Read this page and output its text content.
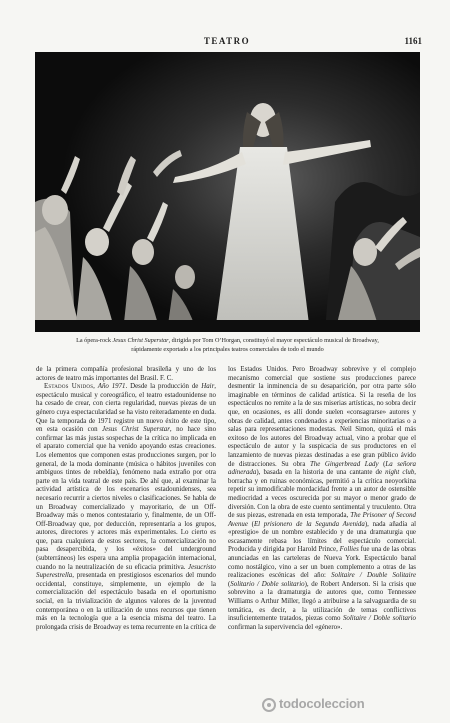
TEATRO	1161
La ópera-rock Jesus Christ Superstar, dirigida por Tom O’Horgan, constituyó el mayor espectáculo musical de Broadway,
rápidamente exportado a los principales teatros comerciales de todo el mundo

de la primera compañía profesional brasileña y uno de los actores de teatro más importantes del Brasil. F. C.

Estados Unidos, Año 1971. Desde la producción de Hair, espectáculo musical y coreográfico, el teatro estadounidense no ha cesado de crear, con cierta regularidad, nuevas piezas de un género cuya espectacularidad se ha visto reiteradamente en duda. Que la temporada de 1971 registre un nuevo éxito de este tipo, en esta ocasión con Jesus Christ Superstar, no hace sino confirmar las más justas sospechas de la crítica no implicada en el aparato comercial que ha venido apoyando estas creaciones. Los elementos que componen estas producciones surgen, por lo general, de la moda dominante (música o hábitos juveniles con ambiguos tintes de rebeldía), fenómeno nada extraño por otra parte en la vida teatral de este país. De ahí que, al examinar la actividad artística de los escenarios estadounidenses, sea necesario recurrir a ciertos niveles o clasificaciones. Se habla de un Broadway comercializado y mayoritario, de un Off-Broadway más o menos contestatario y, finalmente, de un Off-Off-Broadway que, por deducción, representaría a los grupos, autores, directores y actores más experimentales. Lo cierto es que, para cualquiera de estos sectores, la comercialización no pasa desapercibida, y los «éxitos» del underground (subterráneos) les espera una amplia propagación internacional, cuando no la neutralización de su eficacia primitiva. Jesucristo Superestrella, presentada en prestigiosos escenarios del mundo occidental, constituye, simplemente, un ejemplo de la comercialización del espectáculo basada en el oportunismo social, en la trivialización de algunos valores de la juventud contemporánea o en la utilización de unos recursos que tienen más en la tecnología que a la esencia misma del teatro. La prolongada crisis de Broadway es tema recurrente en la crítica de

los Estados Unidos. Pero Broadway sobrevive y el complejo mecanismo comercial que sostiene sus producciones parece desmentir la inminencia de su desaparición, por otra parte sólo imaginable en términos de calidad artística. Si la reseña de los espectáculos no remite a la de sus miserias artísticas, no sobra decir que, en ocasiones, es allí donde suelen «consagrarse» autores y obras de calidad, antes condenados a experiencias minoritarias o a salas para representaciones modestas. Neil Simon, quizá el más exitoso de los autores del Broadway actual, vino a probar que el espectáculo de autor y la suspicacia de sus productores en el lanzamiento de nuevas piezas destinadas a ese gran público ávido de distracciones. Su obra The Gingerbread Lady (La señora adinerada), basada en la historia de una cantante de night club, borracha y en ruinas económicas, permitió a la crítica neoyorkina repetir su inmodificable mordacidad frente a un autor de ostensible mediocridad a veces oscurecida por su mayor o menor grado de diversión. Con la obra de este cuento sentimental y truculento. Otra de sus piezas, estrenada en esta temporada, The Prisoner of Second Avenue (El prisionero de la Segunda Avenida), nada añadía al «prestigio» de un nombre establecido y de una dramaturgia que escasamente rebasa los límites del espectáculo comercial. Producida y dirigida por Harold Prince, Follies fue una de las obras anunciadas en las carteleras de Nueva York. Espectáculo banal como nostálgico, vino a ser un buen complemento a otras de las realizaciones escénicas del año: Solitaire / Double Solitaire (Solitario / Doble solitario), de Robert Anderson. Si la crisis que sobrevino a la dramaturgia de autores que, como Tennessee Williams o Arthur Miller, llegó a atribuirse a la salvaguardia de su temática, es decir, a la utilización de temas conflictivos insuficientemente tratados, piezas como Solitaire / Doble solitario confirman la supervivencia del «género».

todocoleccion
